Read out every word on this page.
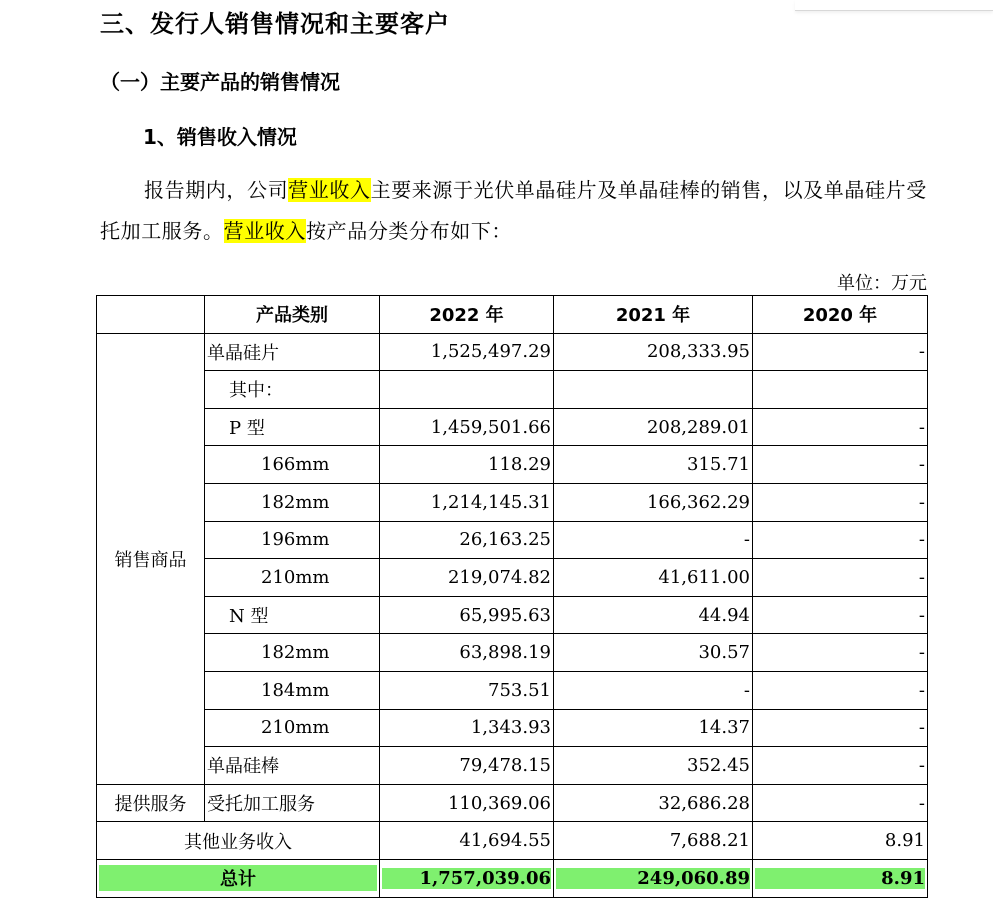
三、发行人销售情况和主要客户
（一）主要产品的销售情况
1、销售收入情况
报告期内，公司营业收入主要来源于光伏单晶硅片及单晶硅棒的销售，以及单晶硅片受托加工服务。营业收入按产品分类分布如下：
单位：万元
	产品类别	2022 年	2021 年	2020 年
销售商品	单晶硅片	1,525,497.29	208,333.95	-
	其中：			
	P 型	1,459,501.66	208,289.01	-
	166mm	118.29	315.71	-
	182mm	1,214,145.31	166,362.29	-
	196mm	26,163.25	-	-
	210mm	219,074.82	41,611.00	-
	N 型	65,995.63	44.94	-
	182mm	63,898.19	30.57	-
	184mm	753.51	-	-
	210mm	1,343.93	14.37	-
	单晶硅棒	79,478.15	352.45	-
提供服务	受托加工服务	110,369.06	32,686.28	-
其他业务收入		41,694.55	7,688.21	8.91
总计		1,757,039.06	249,060.89	8.91
